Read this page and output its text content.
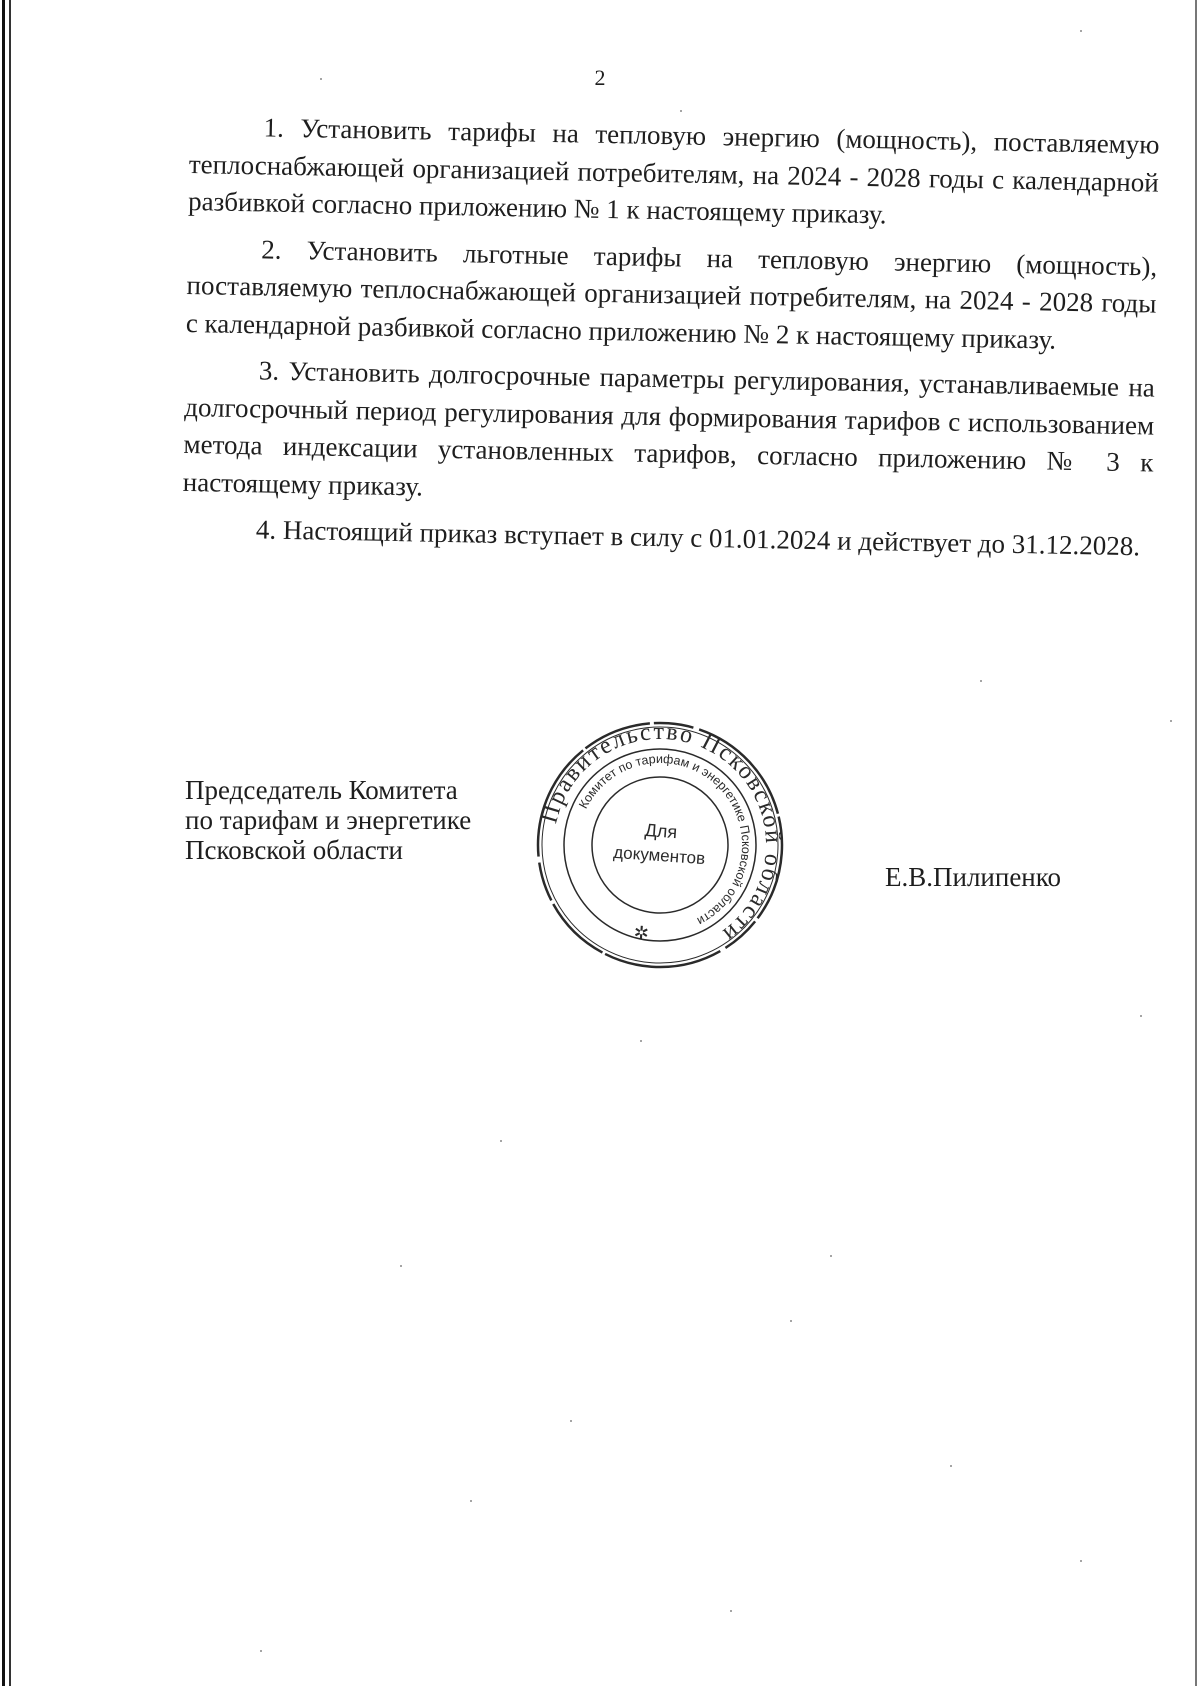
2

1. Установить тарифы на тепловую энергию (мощность), поставляемую теплоснабжающей организацией потребителям, на 2024 - 2028 годы с календарной разбивкой согласно приложению № 1 к настоящему приказу.

2. Установить льготные тарифы на тепловую энергию (мощность), поставляемую теплоснабжающей организацией потребителям, на 2024 - 2028 годы с календарной разбивкой согласно приложению № 2 к настоящему приказу.

3. Установить долгосрочные параметры регулирования, устанавливаемые на долгосрочный период регулирования для формирования тарифов с использованием метода индексации установленных тарифов, согласно приложению № 3 к настоящему приказу.

4. Настоящий приказ вступает в силу с 01.01.2024 и действует до 31.12.2028.

Председатель Комитета
по тарифам и энергетике
Псковской области
Правительство Псковской области
Комитет по тарифам и энергетике Псковской области
Для
документов
✲
Е.В.Пилипенко
